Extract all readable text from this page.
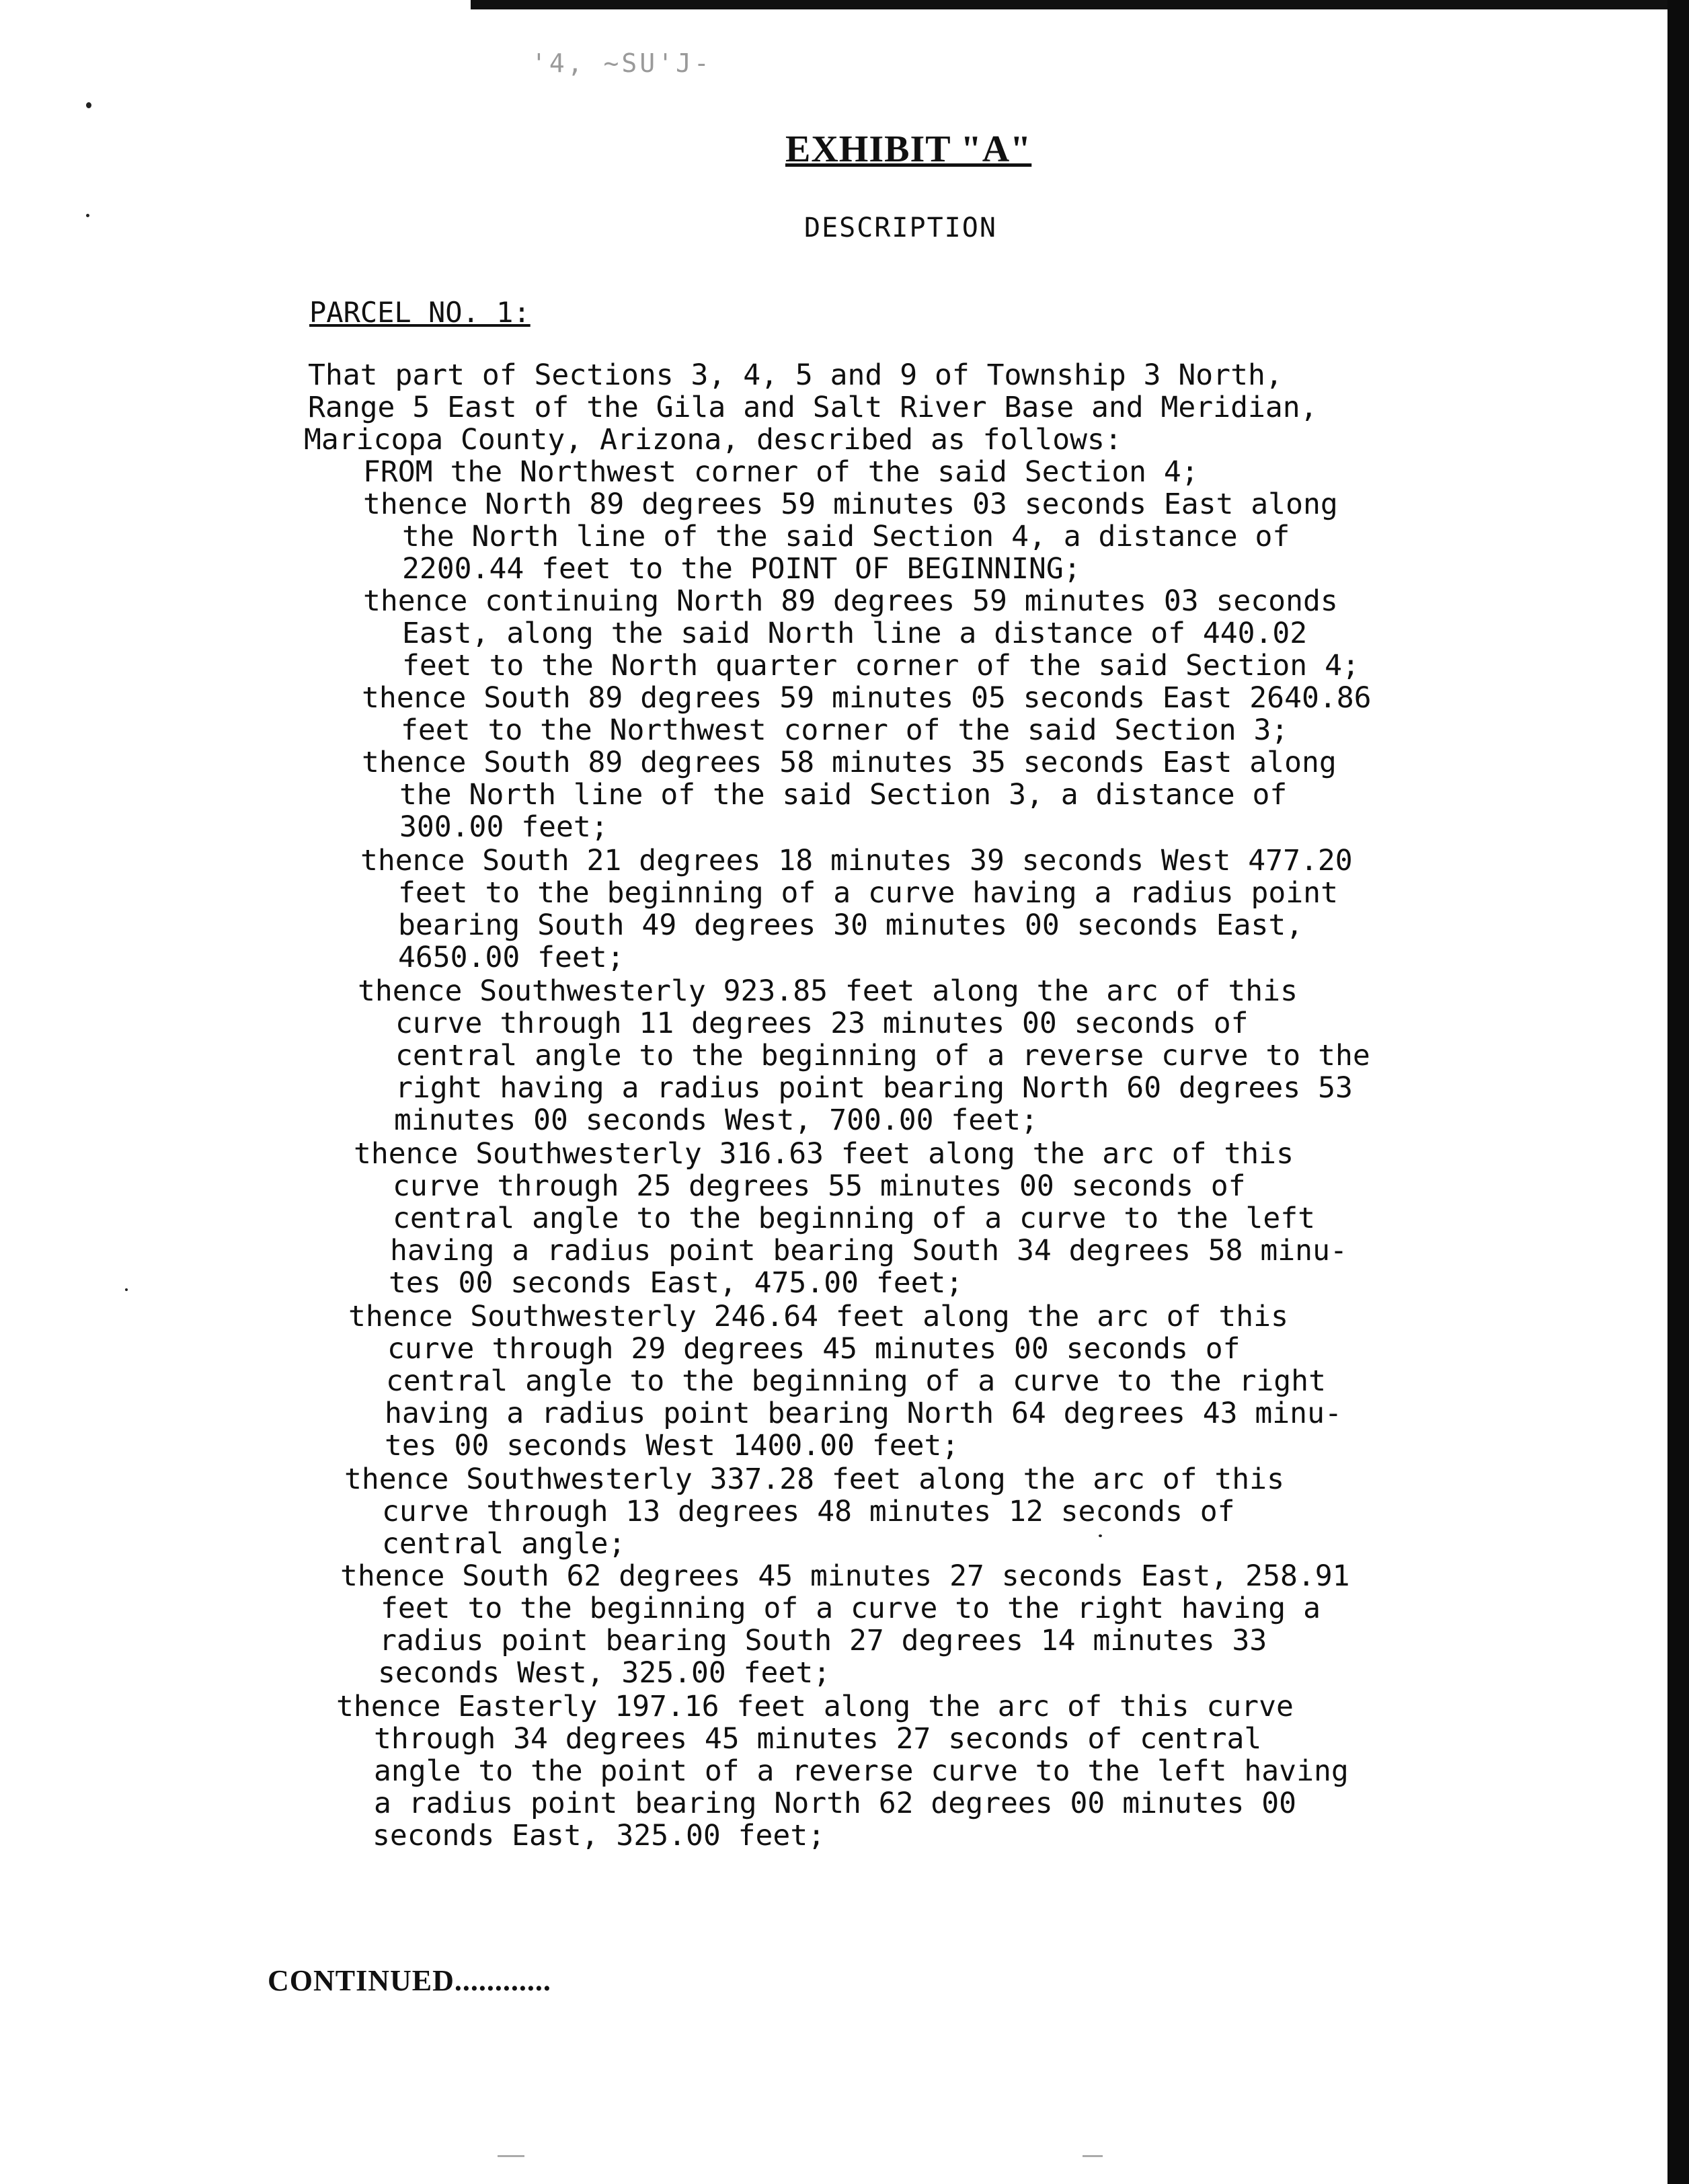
'4, ~SU'J-
EXHIBIT "A"
DESCRIPTION
PARCEL NO. 1:
That part of Sections 3, 4, 5 and 9 of Township 3 North,
Range 5 East of the Gila and Salt River Base and Meridian,
Maricopa County, Arizona, described as follows:
FROM the Northwest corner of the said Section 4;
thence North 89 degrees 59 minutes 03 seconds East along
the North line of the said Section 4, a distance of
2200.44 feet to the POINT OF BEGINNING;
thence continuing North 89 degrees 59 minutes 03 seconds
East, along the said North line a distance of 440.02
feet to the North quarter corner of the said Section 4;
thence South 89 degrees 59 minutes 05 seconds East 2640.86
feet to the Northwest corner of the said Section 3;
thence South 89 degrees 58 minutes 35 seconds East along
the North line of the said Section 3, a distance of
300.00 feet;
thence South 21 degrees 18 minutes 39 seconds West 477.20
feet to the beginning of a curve having a radius point
bearing South 49 degrees 30 minutes 00 seconds East,
4650.00 feet;
thence Southwesterly 923.85 feet along the arc of this
curve through 11 degrees 23 minutes 00 seconds of
central angle to the beginning of a reverse curve to the
right having a radius point bearing North 60 degrees 53
minutes 00 seconds West, 700.00 feet;
thence Southwesterly 316.63 feet along the arc of this
curve through 25 degrees 55 minutes 00 seconds of
central angle to the beginning of a curve to the left
having a radius point bearing South 34 degrees 58 minu-
tes 00 seconds East, 475.00 feet;
thence Southwesterly 246.64 feet along the arc of this
curve through 29 degrees 45 minutes 00 seconds of
central angle to the beginning of a curve to the right
having a radius point bearing North 64 degrees 43 minu-
tes 00 seconds West 1400.00 feet;
thence Southwesterly 337.28 feet along the arc of this
curve through 13 degrees 48 minutes 12 seconds of
central angle;
thence South 62 degrees 45 minutes 27 seconds East, 258.91
feet to the beginning of a curve to the right having a
radius point bearing South 27 degrees 14 minutes 33
seconds West, 325.00 feet;
thence Easterly 197.16 feet along the arc of this curve
through 34 degrees 45 minutes 27 seconds of central
angle to the point of a reverse curve to the left having
a radius point bearing North 62 degrees 00 minutes 00
seconds East, 325.00 feet;
CONTINUED............
